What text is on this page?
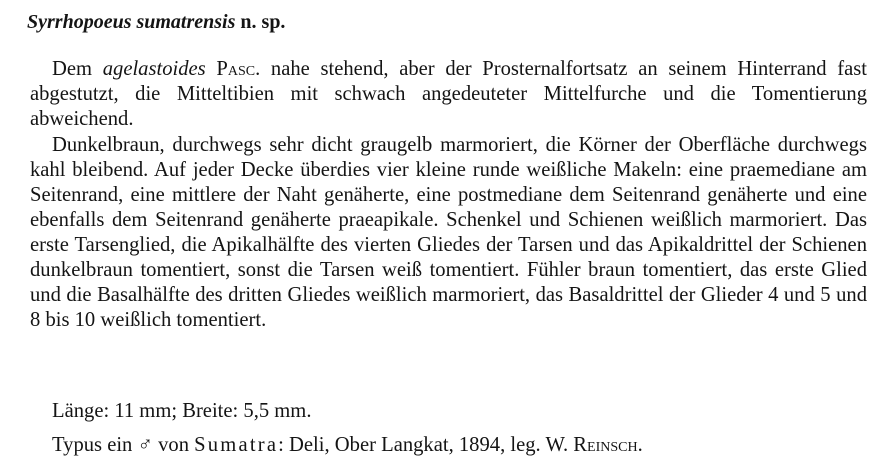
Syrrhopoeus sumatrensis n. sp.

Dem agelastoides Pasc. nahe stehend, aber der Prosternalfortsatz an seinem Hinterrand fast abgestutzt, die Mitteltibien mit schwach angedeuteter Mittelfurche und die Tomentierung abweichend.

Dunkelbraun, durchwegs sehr dicht graugelb marmoriert, die Körner der Oberfläche durchwegs kahl bleibend. Auf jeder Decke überdies vier kleine runde weißliche Makeln: eine praemediane am Seitenrand, eine mittlere der Naht genäherte, eine postmediane dem Seitenrand genäherte und eine ebenfalls dem Seitenrand genäherte praeapikale. Schenkel und Schienen weißlich marmoriert. Das erste Tarsenglied, die Apikalhälfte des vierten Gliedes der Tarsen und das Apikaldrittel der Schienen dunkelbraun tomentiert, sonst die Tarsen weiß tomentiert. Fühler braun tomentiert, das erste Glied und die Basalhälfte des dritten Gliedes weißlich marmoriert, das Basaldrittel der Glieder 4 und 5 und 8 bis 10 weißlich tomentiert.

Länge: 11 mm; Breite: 5,5 mm.
Typus ein ♂ von Sumatra: Deli, Ober Langkat, 1894, leg. W. Reinsch.
